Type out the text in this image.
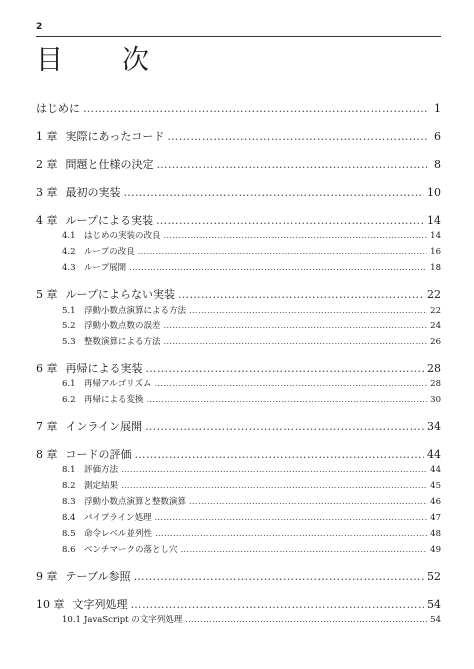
2
目　次
はじめに ……………………………………………………………………………………………………………………………………………………………………………………………………………………	1
1 章 実際にあったコード ……………………………………………………………………………………………………………………………………………………………………………………………………………………	6
2 章 問題と仕様の決定 ……………………………………………………………………………………………………………………………………………………………………………………………………………………	8
3 章 最初の実装 ……………………………………………………………………………………………………………………………………………………………………………………………………………………	10
4 章 ループによる実装 ……………………………………………………………………………………………………………………………………………………………………………………………………………………	14
4.1 はじめの実装の改良 ……………………………………………………………………………………………………………………………………………………………………………………………………………………	14
4.2 ループの改良 ……………………………………………………………………………………………………………………………………………………………………………………………………………………	16
4.3 ループ展開 ……………………………………………………………………………………………………………………………………………………………………………………………………………………	18
5 章 ループによらない実装 ……………………………………………………………………………………………………………………………………………………………………………………………………………………	22
5.1 浮動小数点演算による方法 ……………………………………………………………………………………………………………………………………………………………………………………………………………………	22
5.2 浮動小数点数の誤差 ……………………………………………………………………………………………………………………………………………………………………………………………………………………	24
5.3 整数演算による方法 ……………………………………………………………………………………………………………………………………………………………………………………………………………………	26
6 章 再帰による実装 ……………………………………………………………………………………………………………………………………………………………………………………………………………………	28
6.1 再帰アルゴリズム ……………………………………………………………………………………………………………………………………………………………………………………………………………………	28
6.2 再帰による変換 ……………………………………………………………………………………………………………………………………………………………………………………………………………………	30
7 章 インライン展開 ……………………………………………………………………………………………………………………………………………………………………………………………………………………	34
8 章 コードの評価 ……………………………………………………………………………………………………………………………………………………………………………………………………………………	44
8.1 評価方法 ……………………………………………………………………………………………………………………………………………………………………………………………………………………	44
8.2 測定結果 ……………………………………………………………………………………………………………………………………………………………………………………………………………………	45
8.3 浮動小数点演算と整数演算 ……………………………………………………………………………………………………………………………………………………………………………………………………………………	46
8.4 パイプライン処理 ……………………………………………………………………………………………………………………………………………………………………………………………………………………	47
8.5 命令レベル並列性 ……………………………………………………………………………………………………………………………………………………………………………………………………………………	48
8.6 ベンチマークの落とし穴 ……………………………………………………………………………………………………………………………………………………………………………………………………………………	49
9 章 テーブル参照 ……………………………………………………………………………………………………………………………………………………………………………………………………………………	52
10 章 文字列処理 ……………………………………………………………………………………………………………………………………………………………………………………………………………………	54
10.1 JavaScript の文字列処理 ……………………………………………………………………………………………………………………………………………………………………………………………………………………	54
